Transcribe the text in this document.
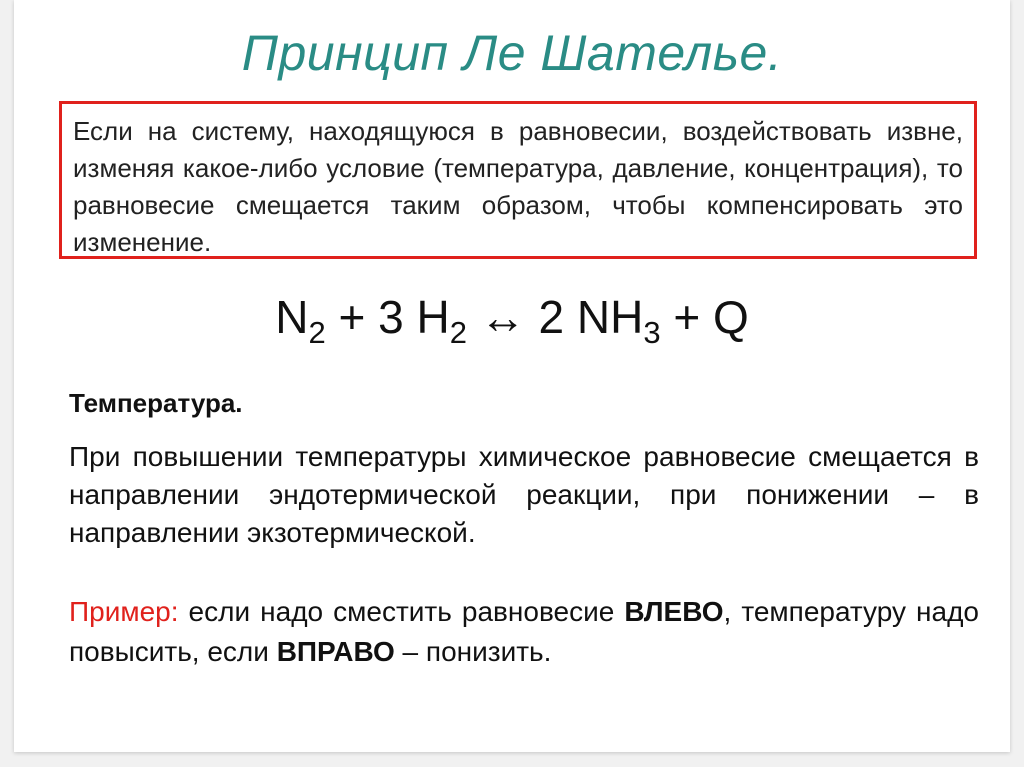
Принцип Ле Шателье.
Если на систему, находящуюся в равновесии, воздействовать извне, изменяя какое-либо условие (температура, давление, концентрация), то равновесие смещается таким образом, чтобы компенсировать это изменение.
$N_2 + 3$ $H_2$ ↔ 2 $NH_3 + Q$
Температура.
При повышении температуры химическое равновесие смещается в направлении эндотермической реакции, при понижении – в направлении экзотермической.
Пример: если надо сместить равновесие ВЛЕВО, температуру надо повысить, если ВПРАВО – понизить.
